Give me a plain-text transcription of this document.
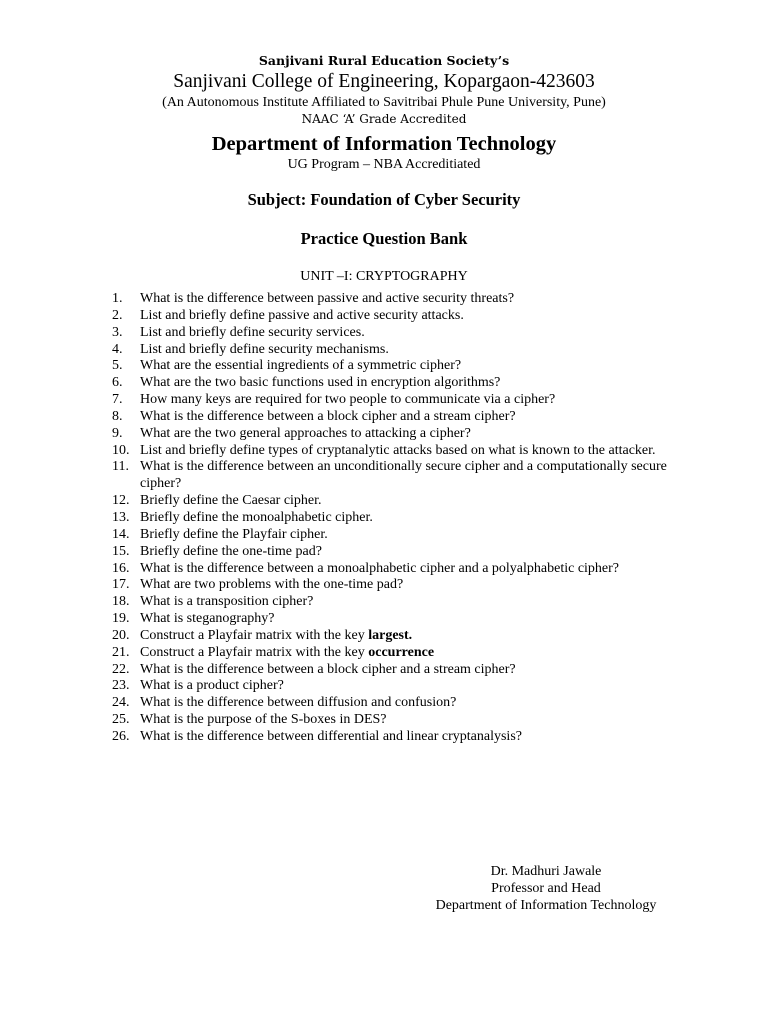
Sanjivani Rural Education Society’s
Sanjivani College of Engineering, Kopargaon-423603
(An Autonomous Institute Affiliated to Savitribai Phule Pune University, Pune)
NAAC ‘A’ Grade Accredited
Department of Information Technology
UG Program – NBA Accreditiated
Subject: Foundation of Cyber Security
Practice Question Bank
UNIT –I: CRYPTOGRAPHY
1.	What is the difference between passive and active security threats?
2.	List and briefly define passive and active security attacks.
3.	List and briefly define security services.
4.	List and briefly define security mechanisms.
5.	What are the essential ingredients of a symmetric cipher?
6.	What are the two basic functions used in encryption algorithms?
7.	How many keys are required for two people to communicate via a cipher?
8.	What is the difference between a block cipher and a stream cipher?
9.	What are the two general approaches to attacking a cipher?
10. List and briefly define types of cryptanalytic attacks based on what is known to the attacker.
11. What is the difference between an unconditionally secure cipher and a computationally secure cipher?
12. Briefly define the Caesar cipher.
13. Briefly define the monoalphabetic cipher.
14. Briefly define the Playfair cipher.
15. Briefly define the one-time pad?
16. What is the difference between a monoalphabetic cipher and a polyalphabetic cipher?
17. What are two problems with the one-time pad?
18. What is a transposition cipher?
19. What is steganography?
20. Construct a Playfair matrix with the key largest.
21. Construct a Playfair matrix with the key occurrence
22. What is the difference between a block cipher and a stream cipher?
23. What is a product cipher?
24. What is the difference between diffusion and confusion?
25. What is the purpose of the S-boxes in DES?
26. What is the difference between differential and linear cryptanalysis?
Dr. Madhuri Jawale
Professor and Head
Department of Information Technology
